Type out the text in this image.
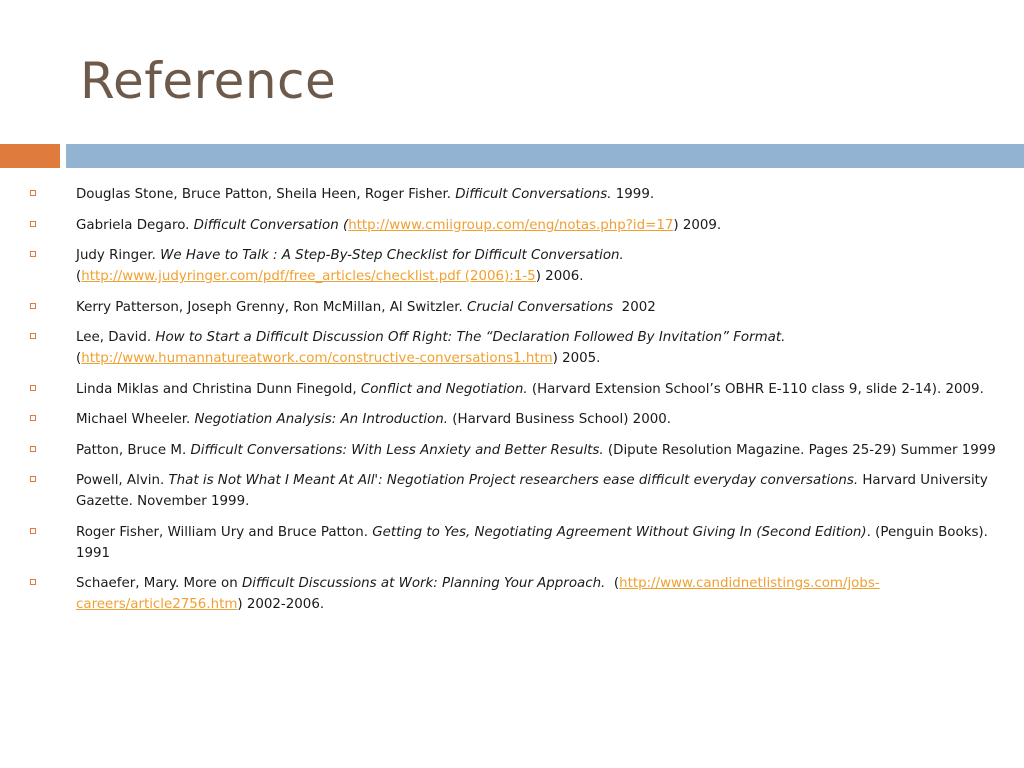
Reference
Douglas Stone, Bruce Patton, Sheila Heen, Roger Fisher. Difficult Conversations. 1999.
Gabriela Degaro. Difficult Conversation (http://www.cmiigroup.com/eng/notas.php?id=17) 2009.
Judy Ringer. We Have to Talk : A Step-By-Step Checklist for Difficult Conversation.
(http://www.judyringer.com/pdf/free_articles/checklist.pdf (2006):1-5) 2006.
Kerry Patterson, Joseph Grenny, Ron McMillan, Al Switzler. Crucial Conversations  2002
Lee, David. How to Start a Difficult Discussion Off Right: The “Declaration Followed By Invitation” Format.
(http://www.humannatureatwork.com/constructive-conversations1.htm) 2005.
Linda Miklas and Christina Dunn Finegold, Conflict and Negotiation. (Harvard Extension School’s OBHR E-110 class 9, slide 2-14). 2009.
Michael Wheeler. Negotiation Analysis: An Introduction. (Harvard Business School) 2000.
Patton, Bruce M. Difficult Conversations: With Less Anxiety and Better Results. (Dipute Resolution Magazine. Pages 25-29) Summer 1999
Powell, Alvin. That is Not What I Meant At All': Negotiation Project researchers ease difficult everyday conversations. Harvard University Gazette. November 1999.
Roger Fisher, William Ury and Bruce Patton. Getting to Yes, Negotiating Agreement Without Giving In (Second Edition). (Penguin Books). 1991
Schaefer, Mary. More on Difficult Discussions at Work: Planning Your Approach.  (http://www.candidnetlistings.com/jobs-careers/article2756.htm) 2002-2006.
